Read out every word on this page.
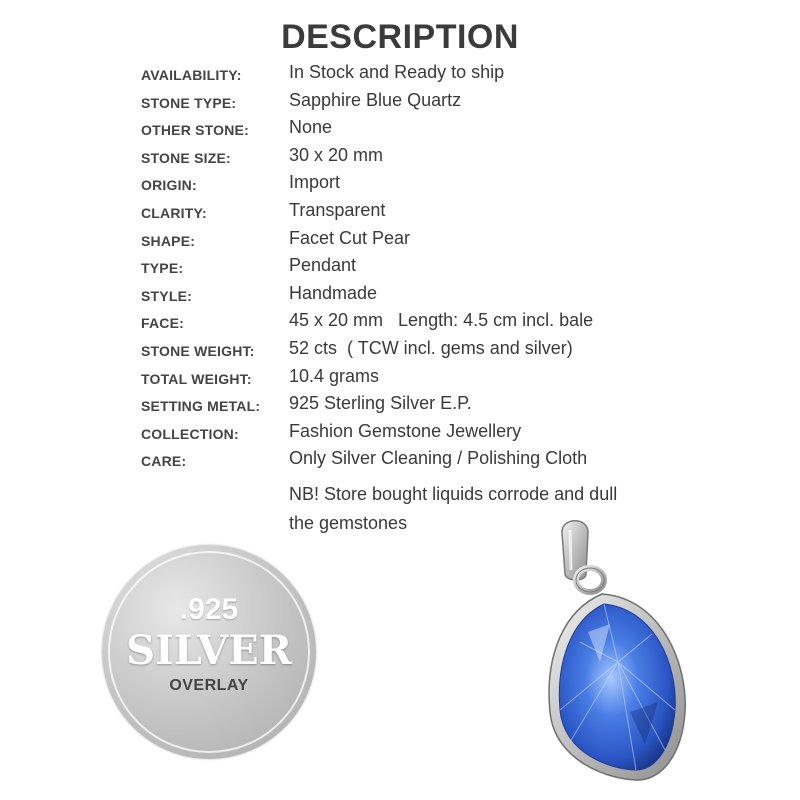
DESCRIPTION
AVAILABILITY:	In Stock and Ready to ship
STONE TYPE:	Sapphire Blue Quartz
OTHER STONE: None
STONE SIZE:	30 x 20 mm
ORIGIN:	Import
CLARITY:	Transparent
SHAPE:	Facet Cut Pear
TYPE:	Pendant
STYLE:	Handmade
FACE:	45 x 20 mm   Length: 4.5 cm incl. bale
STONE WEIGHT: 52 cts  ( TCW incl. gems and silver)
TOTAL WEIGHT: 10.4 grams
SETTING METAL: 925 Sterling Silver E.P.
COLLECTION:	Fashion Gemstone Jewellery
CARE:	Only Silver Cleaning / Polishing Cloth
NB! Store bought liquids corrode and dull
the gemstones
.925
SILVER
OVERLAY
